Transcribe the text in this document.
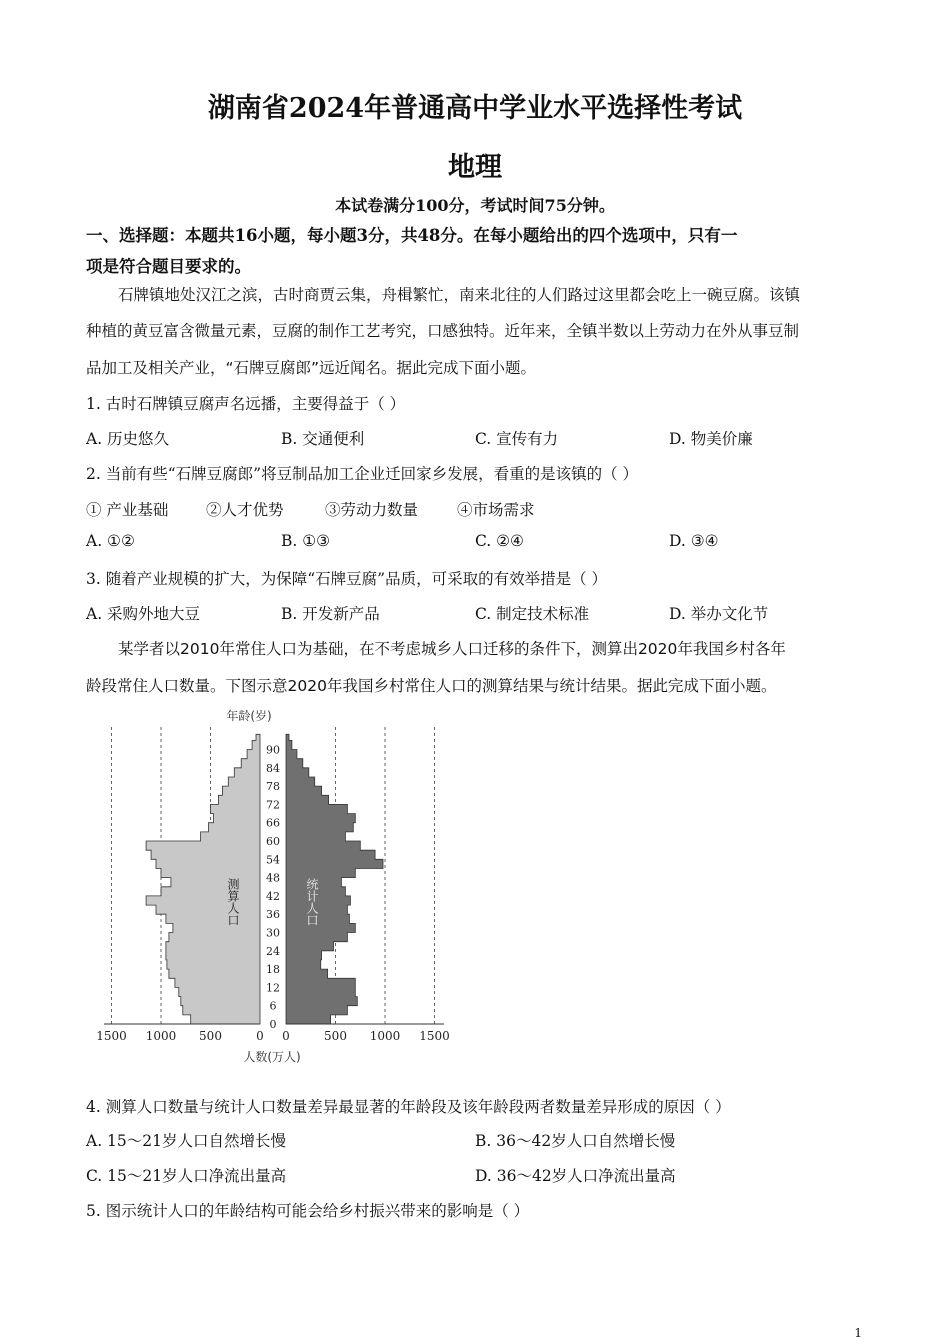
湖南省2024年普通高中学业水平选择性考试
地理
本试卷满分100分，考试时间75分钟。
一、选择题：本题共16小题，每小题3分，共48分。在每小题给出的四个选项中，只有一
项是符合题目要求的。
石牌镇地处汉江之滨，古时商贾云集，舟楫繁忙，南来北往的人们路过这里都会吃上一碗豆腐。该镇
种植的黄豆富含微量元素，豆腐的制作工艺考究，口感独特。近年来，全镇半数以上劳动力在外从事豆制
品加工及相关产业，“石牌豆腐郎”远近闻名。据此完成下面小题。
1. 古时石牌镇豆腐声名远播，主要得益于（ ）
A. 历史悠久	B. 交通便利	C. 宣传有力	D. 物美价廉
2. 当前有些“石牌豆腐郎”将豆制品加工企业迁回家乡发展，看重的是该镇的（ ）
① 产业基础 ②人才优势	③劳动力数量	④市场需求
A. ①②	B. ①③	C. ②④	D. ③④
3. 随着产业规模的扩大，为保障“石牌豆腐”品质，可采取的有效举措是（ ）
A. 采购外地大豆	B. 开发新产品	C. 制定技术标准	D. 举办文化节
某学者以2010年常住人口为基础，在不考虑城乡人口迁移的条件下，测算出2020年我国乡村各年
龄段常住人口数量。下图示意2020年我国乡村常住人口的测算结果与统计结果。据此完成下面小题。
年龄(岁)
人数(万人)
1500 1000 500	0 0	500 1000 1500
0
6
12
18
24
30
36
42
48
54
60
66
72
78
84
90
测算人口	统计人口
4. 测算人口数量与统计人口数量差异最显著的年龄段及该年龄段两者数量差异形成的原因（ ）
A. 15～21岁人口自然增长慢	B. 36～42岁人口自然增长慢
C. 15～21岁人口净流出量高	D. 36～42岁人口净流出量高
5. 图示统计人口的年龄结构可能会给乡村振兴带来的影响是（ ）
1
